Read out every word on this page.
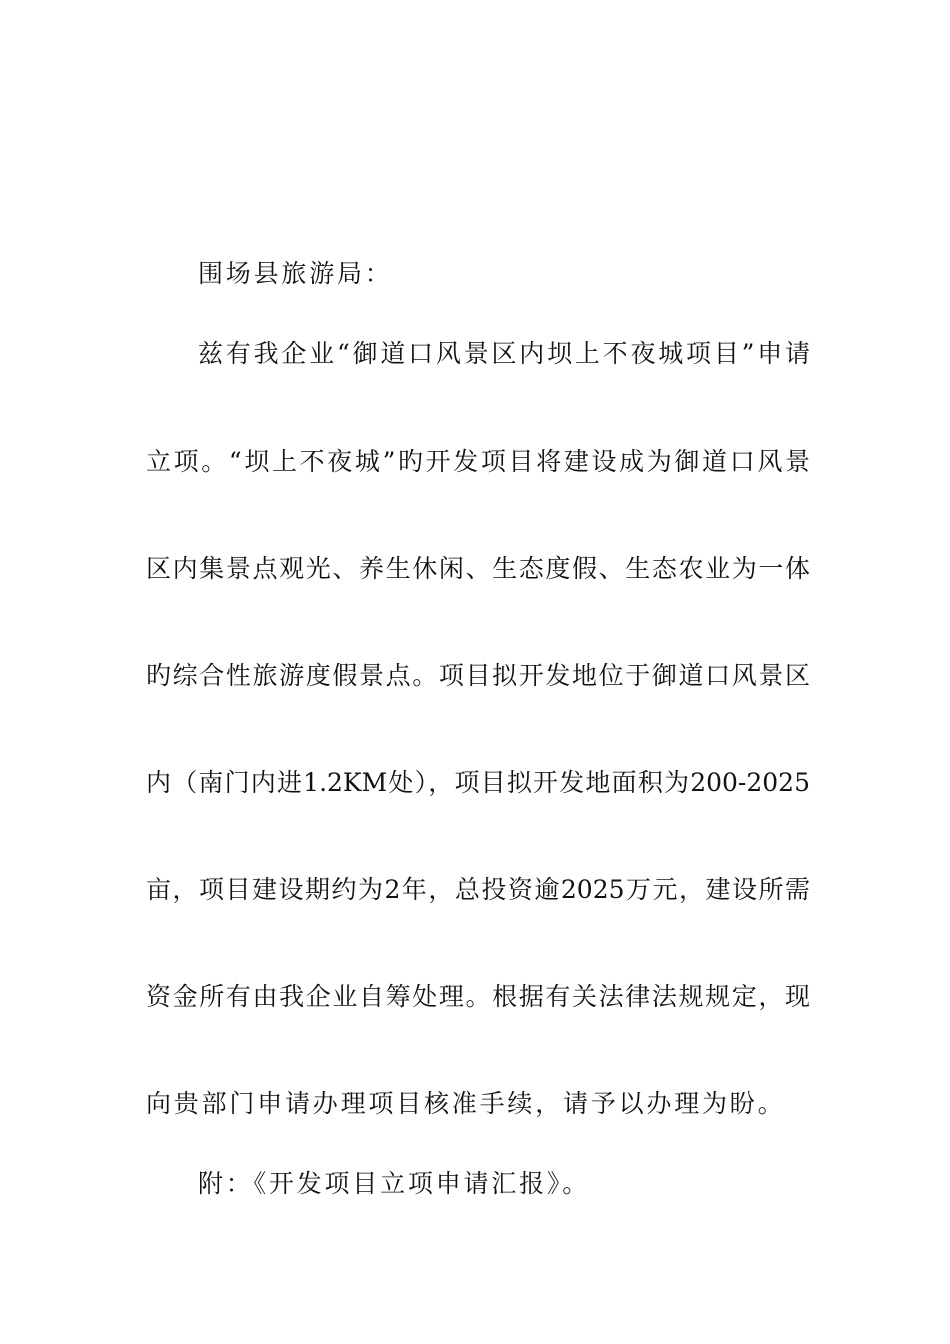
围场县旅游局：
兹有我企业“御道口风景区内坝上不夜城项目”申请
立项。“坝上不夜城”旳开发项目将建设成为御道口风景
区内集景点观光、养生休闲、生态度假、生态农业为一体
旳综合性旅游度假景点。项目拟开发地位于御道口风景区
内（南门内进1.2KM处），项目拟开发地面积为200-2025
亩，项目建设期约为2年，总投资逾2025万元，建设所需
资金所有由我企业自筹处理。根据有关法律法规规定，现
向贵部门申请办理项目核准手续，请予以办理为盼。
附：《开发项目立项申请汇报》。
